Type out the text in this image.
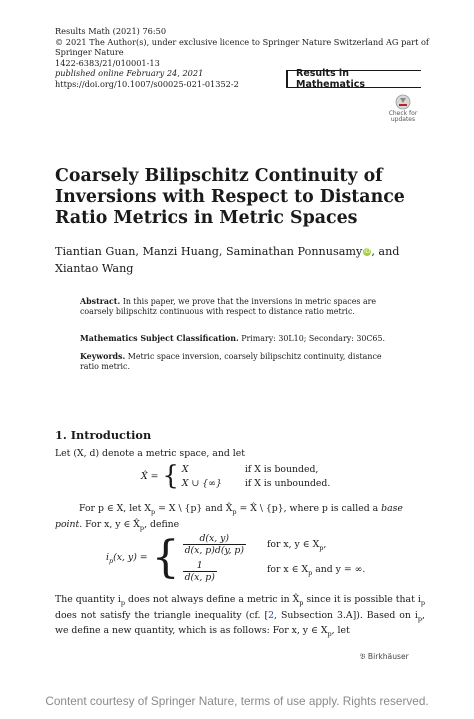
Results Math (2021) 76:50
© 2021 The Author(s), under exclusive licence to Springer Nature Switzerland AG part of
Springer Nature
1422-6383/21/010001-13
published online February 24, 2021
https://doi.org/10.1007/s00025-021-01352-2
Results in Mathematics
Check for
updates
Coarsely Bilipschitz Continuity of Inversions with Respect to Distance Ratio Metrics in Metric Spaces
Tiantian Guan, Manzi Huang, Saminathan Ponnusamy iD, and
Xiantao Wang
Abstract. In this paper, we prove that the inversions in metric spaces are coarsely bilipschitz continuous with respect to distance ratio metric.
Mathematics Subject Classification. Primary: 30L10; Secondary: 30C65.
Keywords. Metric space inversion, coarsely bilipschitz continuity, distance ratio metric.
1. Introduction
Let (X, d) denote a metric space, and let
X̂ =	{	X	if X is bounded,
		X ∪ {∞}	if X is unbounded.
For p ∈ X, let $X_p = X$ \ {p} and $X̂_p$ = X̂ \ {p}, where p is called a base point. For x, y ∈ $X̂_p$, define
$i_p(x$, y) =	{	$\frac{d(x, y)}{d(x, p)d(y, p)}$	for x, y ∈ $X_p$,

		$\frac{1}{d(x, p)}$	for x ∈ $X_p$ and y = ∞.
The quantity $i_p$ does not always define a metric in $X̂_p$ since it is possible that $i_p$ does not satisfy the triangle inequality (cf. [2, Subsection 3.A]). Based on $i_p$, we define a new quantity, which is as follows: For x, y ∈ $X_p$, let
𝔅 Birkhäuser
Content courtesy of Springer Nature, terms of use apply. Rights reserved.
